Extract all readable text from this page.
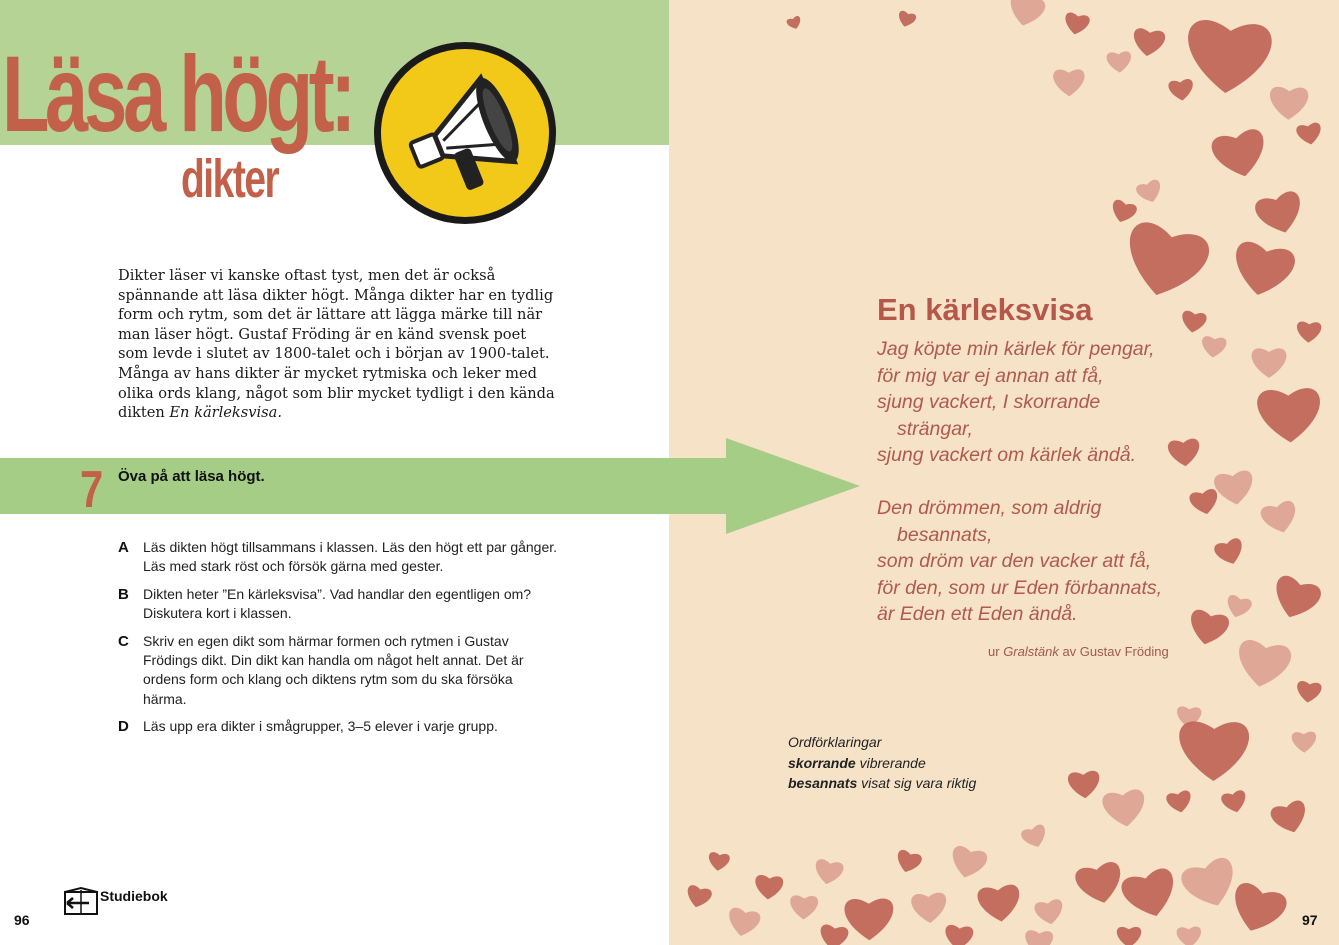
Läsa högt:
dikter
Dikter läser vi kanske oftast tyst, men det är också spännande att läsa dikter högt. Många dikter har en tydlig form och rytm, som det är lättare att lägga märke till när man läser högt. Gustaf Fröding är en känd svensk poet som levde i slutet av 1800-talet och i början av 1900-talet. Många av hans dikter är mycket rytmiska och leker med olika ords klang, något som blir mycket tydligt i den kända dikten En kärleksvisa.
7 Öva på att läsa högt.
A Läs dikten högt tillsammans i klassen. Läs den högt ett par gånger. Läs med stark röst och försök gärna med gester.
B Dikten heter ”En kärleksvisa”. Vad handlar den egentligen om? Diskutera kort i klassen.
C Skriv en egen dikt som härmar formen och rytmen i Gustav Frödings dikt. Din dikt kan handla om något helt annat. Det är ordens form och klang och diktens rytm som du ska försöka härma.
D Läs upp era dikter i smågrupper, 3–5 elever i varje grupp.
Studiebok
96	97
En kärleksvisa
Jag köpte min kärlek för pengar,
för mig var ej annan att få,
sjung vackert, I skorrande
strängar,
sjung vackert om kärlek ändå.
Den drömmen, som aldrig
besannats,
som dröm var den vacker att få,
för den, som ur Eden förbannats,
är Eden ett Eden ändå.
ur Gralstänk av Gustav Fröding
Ordförklaringar
skorrande vibrerande
besannats visat sig vara riktig
